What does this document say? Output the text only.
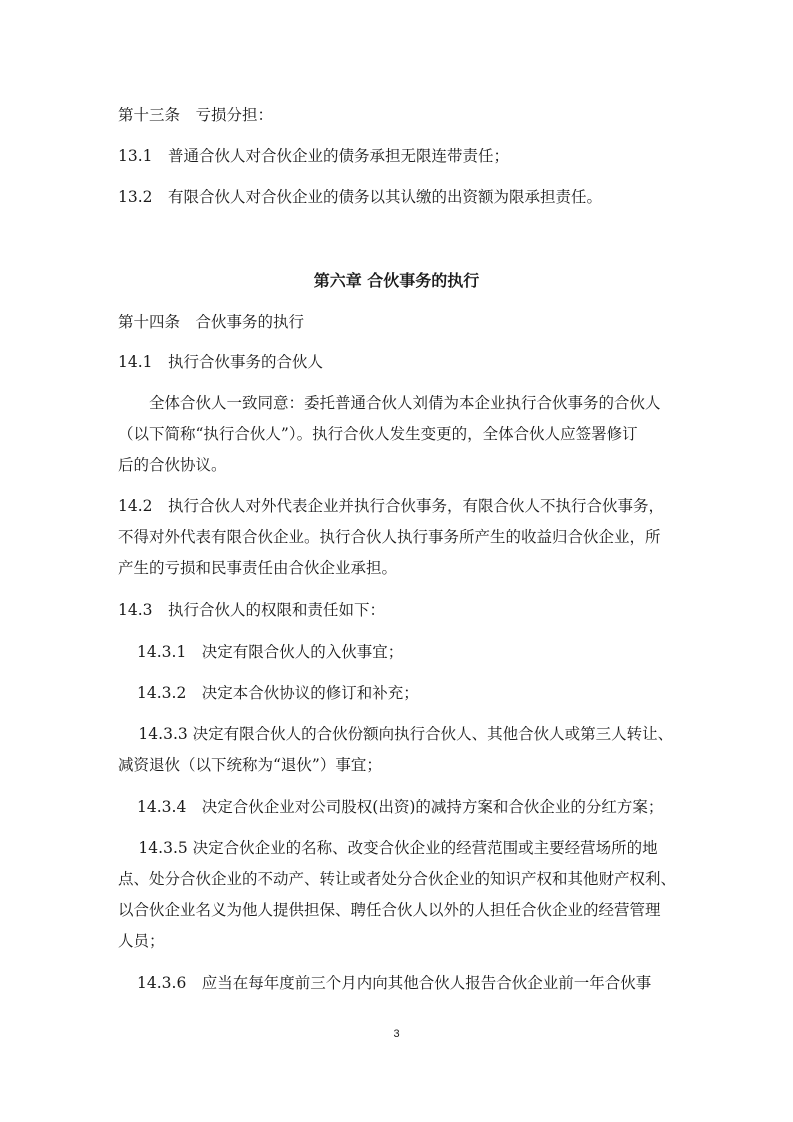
第十三条　亏损分担：
13.1　普通合伙人对合伙企业的债务承担无限连带责任；
13.2　有限合伙人对合伙企业的债务以其认缴的出资额为限承担责任。
第十四条　合伙事务的执行
14.1　执行合伙事务的合伙人
　　全体合伙人一致同意：委托普通合伙人刘倩为本企业执行合伙事务的合伙人
（以下简称“执行合伙人”）。执行合伙人发生变更的，全体合伙人应签署修订
后的合伙协议。
14.2　执行合伙人对外代表企业并执行合伙事务，有限合伙人不执行合伙事务，
不得对外代表有限合伙企业。执行合伙人执行事务所产生的收益归合伙企业，所
产生的亏损和民事责任由合伙企业承担。
14.3　执行合伙人的权限和责任如下：
14.3.1　决定有限合伙人的入伙事宜；
14.3.2　决定本合伙协议的修订和补充；
　 14.3.3 决定有限合伙人的合伙份额向执行合伙人、其他合伙人或第三人转让、
减资退伙（以下统称为“退伙”）事宜；
14.3.4　决定合伙企业对公司股权(出资)的减持方案和合伙企业的分红方案；
　 14.3.5 决定合伙企业的名称、改变合伙企业的经营范围或主要经营场所的地
点、处分合伙企业的不动产、转让或者处分合伙企业的知识产权和其他财产权利、
以合伙企业名义为他人提供担保、聘任合伙人以外的人担任合伙企业的经营管理
人员；
14.3.6　应当在每年度前三个月内向其他合伙人报告合伙企业前一年合伙事
第六章 合伙事务的执行
3
